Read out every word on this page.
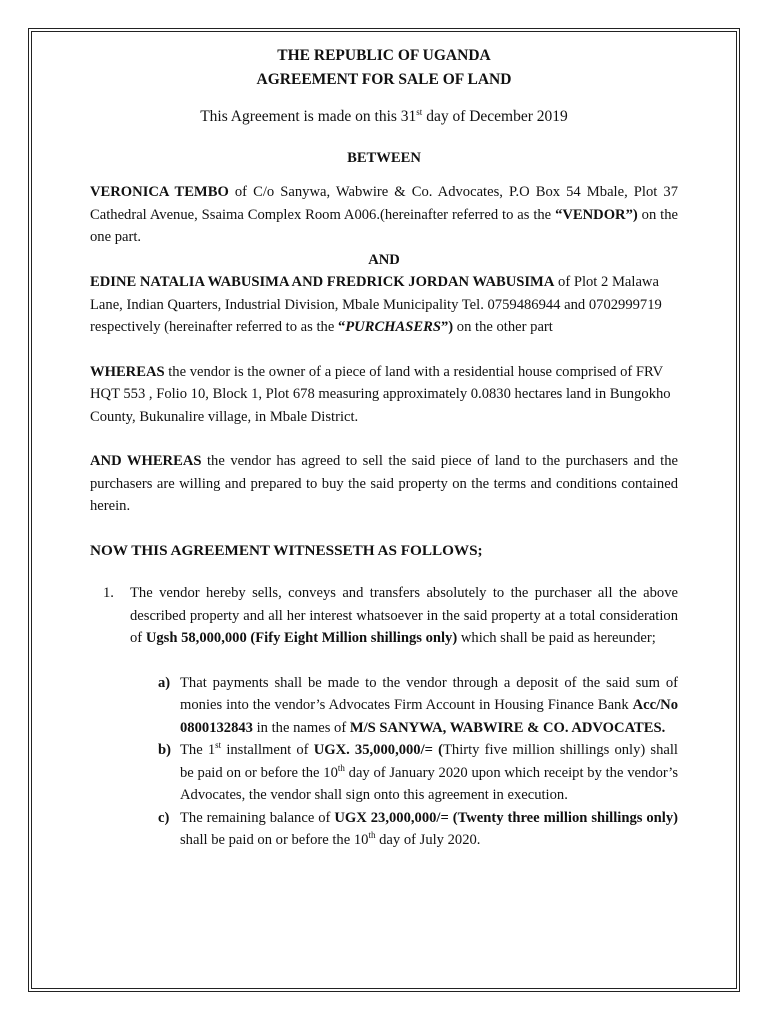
THE REPUBLIC OF UGANDA
AGREEMENT FOR SALE OF LAND

This Agreement is made on this 31st day of December 2019

BETWEEN

VERONICA TEMBO of C/o Sanywa, Wabwire & Co. Advocates, P.O Box 54 Mbale, Plot 37 Cathedral Avenue, Ssaima Complex Room A006.(hereinafter referred to as the “VENDOR”) on the one part.

AND

EDINE NATALIA WABUSIMA AND FREDRICK JORDAN WABUSIMA of Plot 2 Malawa Lane, Indian Quarters, Industrial Division, Mbale Municipality Tel. 0759486944 and 0702999719 respectively (hereinafter referred to as the “PURCHASERS”) on the other part

WHEREAS the vendor is the owner of a piece of land with a residential house comprised of FRV HQT 553 , Folio 10, Block 1, Plot 678 measuring approximately 0.0830 hectares land in Bungokho County, Bukunalire village, in Mbale District.

AND WHEREAS the vendor has agreed to sell the said piece of land to the purchasers and the purchasers are willing and prepared to buy the said property on the terms and conditions contained herein.

NOW THIS AGREEMENT WITNESSETH AS FOLLOWS;

1. The vendor hereby sells, conveys and transfers absolutely to the purchaser all the above described property and all her interest whatsoever in the said property at a total consideration of Ugsh 58,000,000 (Fify Eight Million shillings only) which shall be paid as hereunder;

a) That payments shall be made to the vendor through a deposit of the said sum of monies into the vendor’s Advocates Firm Account in Housing Finance Bank Acc/No 0800132843 in the names of M/S SANYWA, WABWIRE & CO. ADVOCATES.

b) The 1st installment of UGX. 35,000,000/= (Thirty five million shillings only) shall be paid on or before the 10th day of January 2020 upon which receipt by the vendor’s Advocates, the vendor shall sign onto this agreement in execution.

c) The remaining balance of UGX 23,000,000/= (Twenty three million shillings only) shall be paid on or before the 10th day of July 2020.
